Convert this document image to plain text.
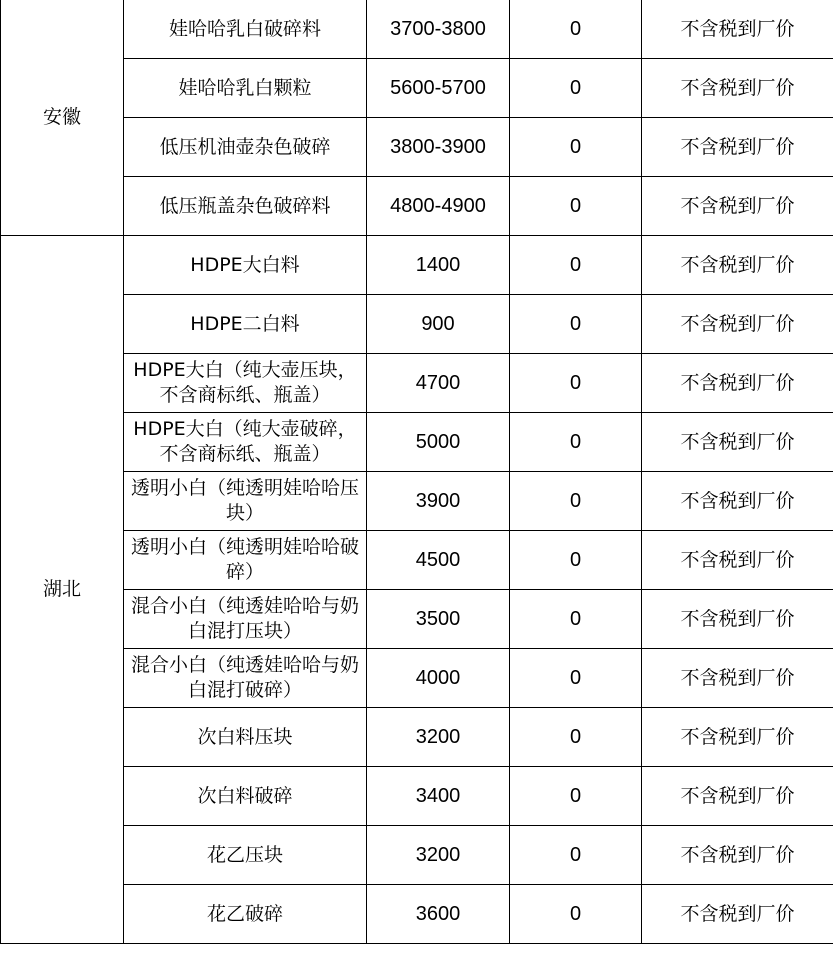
安徽	娃哈哈乳白破碎料	3700-3800	0	不含税到厂价
	娃哈哈乳白颗粒	5600-5700	0	不含税到厂价
	低压机油壶杂色破碎	3800-3900	0	不含税到厂价
	低压瓶盖杂色破碎料	4800-4900	0	不含税到厂价
湖北	HDPE大白料	1400	0	不含税到厂价
	HDPE二白料	900	0	不含税到厂价
	HDPE大白（纯大壶压块，不含商标纸、瓶盖）	4700	0	不含税到厂价
	HDPE大白（纯大壶破碎，不含商标纸、瓶盖）	5000	0	不含税到厂价
	透明小白（纯透明娃哈哈压块）	3900	0	不含税到厂价
	透明小白（纯透明娃哈哈破碎）	4500	0	不含税到厂价
	混合小白（纯透娃哈哈与奶白混打压块）	3500	0	不含税到厂价
	混合小白（纯透娃哈哈与奶白混打破碎）	4000	0	不含税到厂价
	次白料压块	3200	0	不含税到厂价
	次白料破碎	3400	0	不含税到厂价
	花乙压块	3200	0	不含税到厂价
	花乙破碎	3600	0	不含税到厂价
